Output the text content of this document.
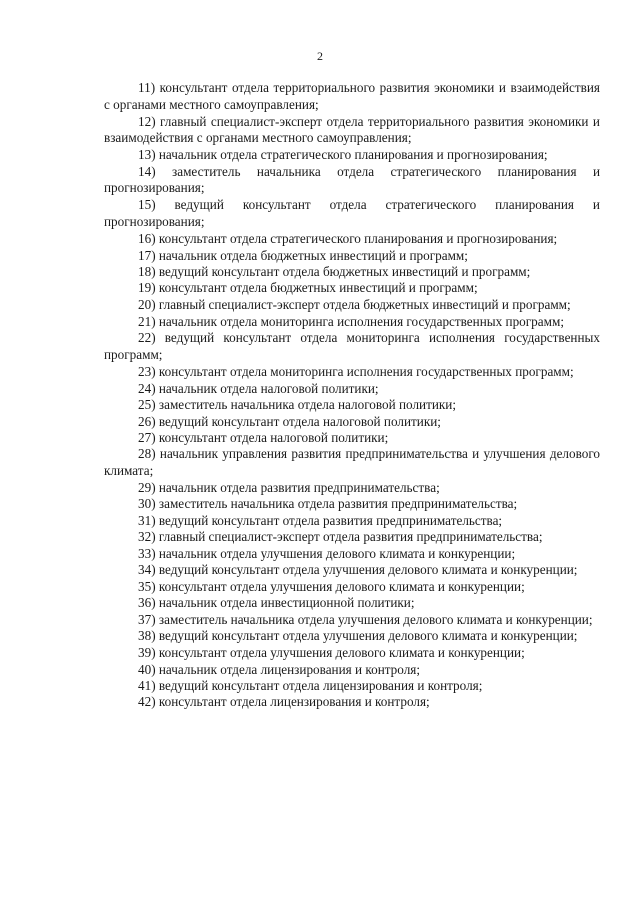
2

11) консультант отдела территориального развития экономики и взаимодействия с органами местного самоуправления;

12) главный специалист-эксперт отдела территориального развития экономики и взаимодействия с органами местного самоуправления;

13) начальник отдела стратегического планирования и прогнозирования;

14) заместитель начальника отдела стратегического планирования и прогнозирования;

15) ведущий консультант отдела стратегического планирования и прогнозирования;

16) консультант отдела стратегического планирования и прогнозирования;

17) начальник отдела бюджетных инвестиций и программ;

18) ведущий консультант отдела бюджетных инвестиций и программ;

19) консультант отдела бюджетных инвестиций и программ;

20) главный специалист-эксперт отдела бюджетных инвестиций и программ;

21) начальник отдела мониторинга исполнения государственных программ;

22) ведущий консультант отдела мониторинга исполнения государственных программ;

23) консультант отдела мониторинга исполнения государственных программ;

24) начальник отдела налоговой политики;

25) заместитель начальника отдела налоговой политики;

26) ведущий консультант отдела налоговой политики;

27) консультант отдела налоговой политики;

28) начальник управления развития предпринимательства и улучшения делового климата;

29) начальник отдела развития предпринимательства;

30) заместитель начальника отдела развития предпринимательства;

31) ведущий консультант отдела развития предпринимательства;

32) главный специалист-эксперт отдела развития предпринимательства;

33) начальник отдела улучшения делового климата и конкуренции;

34) ведущий консультант отдела улучшения делового климата и конкуренции;

35) консультант отдела улучшения делового климата и конкуренции;

36) начальник отдела инвестиционной политики;

37) заместитель начальника отдела улучшения делового климата и конкуренции;

38) ведущий консультант отдела улучшения делового климата и конкуренции;

39) консультант отдела улучшения делового климата и конкуренции;

40) начальник отдела лицензирования и контроля;

41) ведущий консультант отдела лицензирования и контроля;

42) консультант отдела лицензирования и контроля;
